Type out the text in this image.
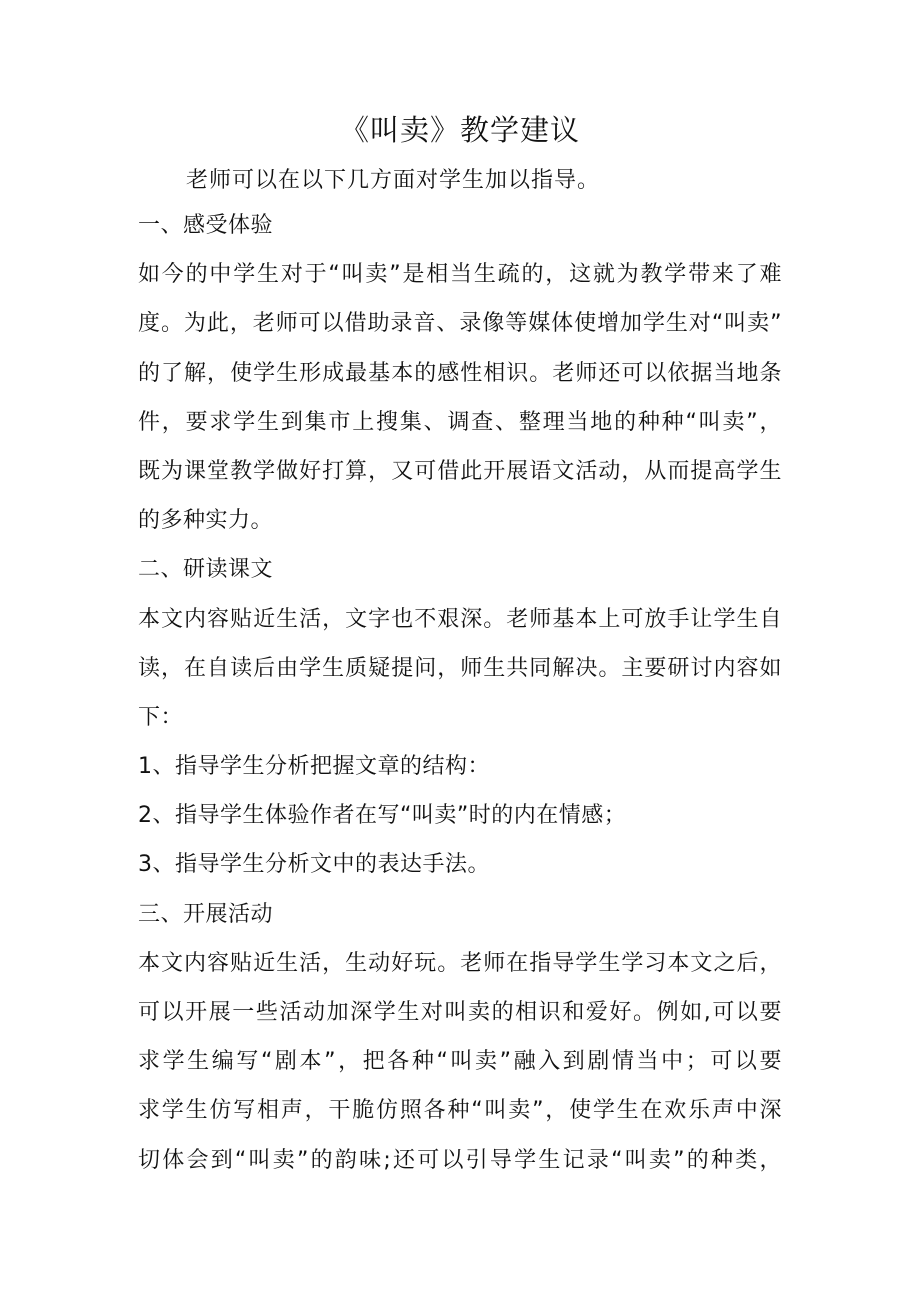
《叫卖》教学建议

老师可以在以下几方面对学生加以指导。

一、感受体验
如今的中学生对于“叫卖”是相当生疏的，这就为教学带来了难
度。为此，老师可以借助录音、录像等媒体使增加学生对“叫卖”
的了解，使学生形成最基本的感性相识。老师还可以依据当地条
件，要求学生到集市上搜集、调查、整理当地的种种“叫卖”，
既为课堂教学做好打算，又可借此开展语文活动，从而提高学生
的多种实力。
二、研读课文
本文内容贴近生活，文字也不艰深。老师基本上可放手让学生自
读，在自读后由学生质疑提问，师生共同解决。主要研讨内容如
下：
1、指导学生分析把握文章的结构：
2、指导学生体验作者在写“叫卖”时的内在情感；
3、指导学生分析文中的表达手法。
三、开展活动
本文内容贴近生活，生动好玩。老师在指导学生学习本文之后，
可以开展一些活动加深学生对叫卖的相识和爱好。例如,可以要
求学生编写“剧本”，把各种“叫卖”融入到剧情当中；可以要
求学生仿写相声，干脆仿照各种“叫卖”，使学生在欢乐声中深
切体会到“叫卖”的韵味;还可以引导学生记录“叫卖”的种类，
